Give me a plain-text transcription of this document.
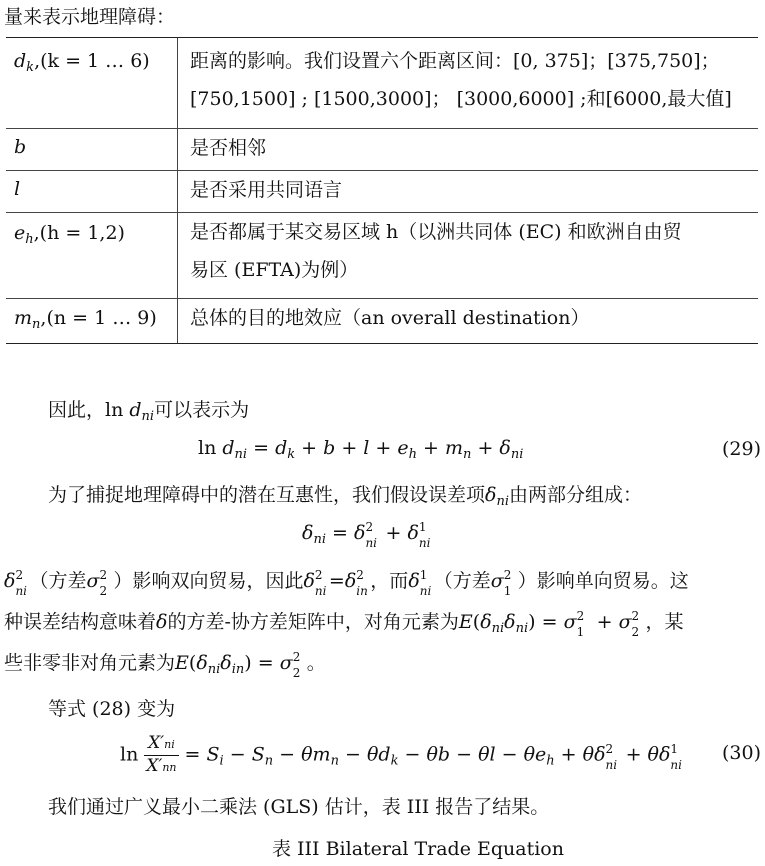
量来表示地理障碍：
$d_k,(k = 1$ … 6)	距离的影响。我们设置六个距离区间：[0, 375]；[375,750]；
[750,1500] ; [1500,3000]； [3000,6000] ;和[6000,最大值]
b	是否相邻
l	是否采用共同语言
$e_h,(h = 1,2)$	是否都属于某交易区域 h（以洲共同体 (EC) 和欧洲自由贸
易区 (EFTA)为例）
$m_n,(n = 1$ … 9)	总体的目的地效应（an overall destination）
因此，$\ln d_{ni}$可以表示为
$\ln d_{ni} = d_k + b + l + e_h + m_n + \delta_{ni}$	(29)
为了捕捉地理障碍中的潜在互惠性，我们假设误差项$\delta_{ni}$由两部分组成：
$\delta_{ni} = \delta$ 2
ni + δ 1
ni
δ 2
ni （方差σ 2
2 ）影响双向贸易，因此δ 2
ni =δ 2
in ，而δ 1
ni （方差σ 2
1 ）影响单向贸易。这
种误差结构意味着δ的方差-协方差矩阵中，对角元素为$E(\delta_{ni}\delta_{ni}) = \sigma$ 2
1 + σ 2
2 ，某
些非零非对角元素为$E(\delta_{ni}\delta_{in}) = \sigma$ 2
2 。
等式 (28) 变为
$\ln \frac{X'ni}{X'nn} = S_i - S_n - \theta m_n - \theta d_k - \theta b - \theta l - \theta e_h + \theta\delta$ 2
ni + θδ 1
ni
(30)
我们通过广义最小二乘法 (GLS) 估计，表 III 报告了结果。
表 III Bilateral Trade Equation
